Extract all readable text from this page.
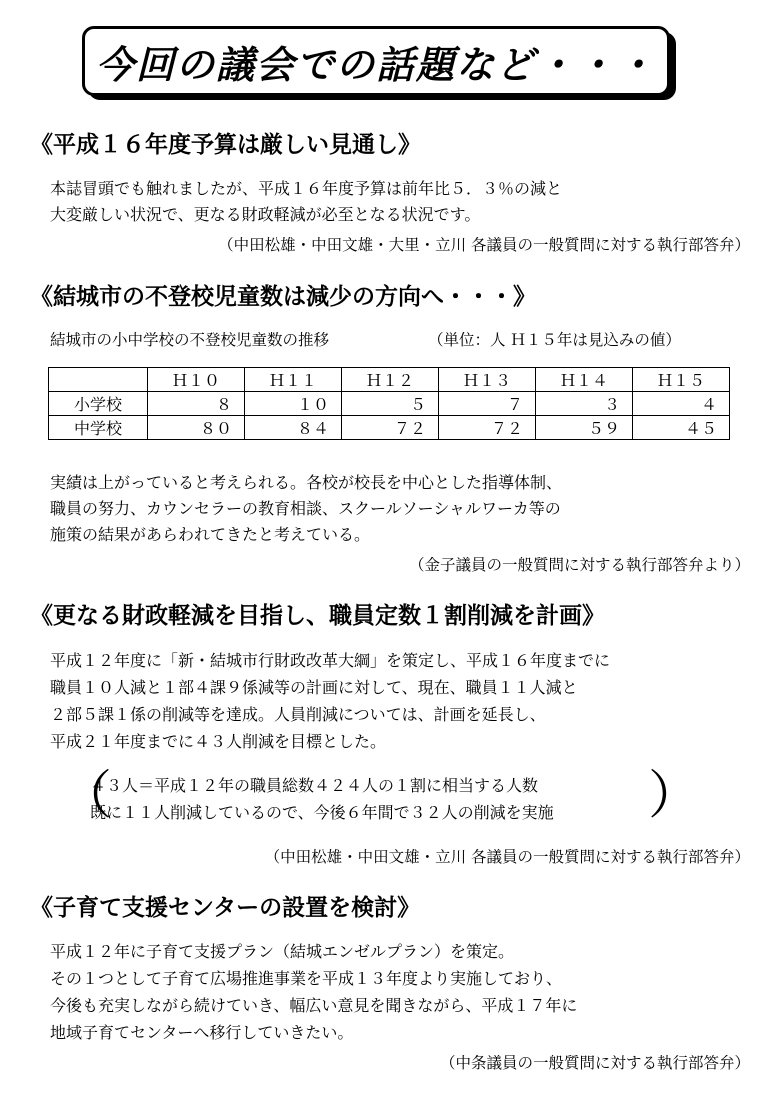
今回の議会での話題など・・・
《平成１６年度予算は厳しい見通し》
本誌冒頭でも触れましたが、平成１６年度予算は前年比５．３％の減と
大変厳しい状況で、更なる財政軽減が必至となる状況です。
（中田松雄・中田文雄・大里・立川 各議員の一般質問に対する執行部答弁）
《結城市の不登校児童数は減少の方向へ・・・》
結城市の小中学校の不登校児童数の推移	（単位：人 Ｈ１５年は見込みの値）
	Ｈ１０	Ｈ１１	Ｈ１２	Ｈ１３	Ｈ１４	Ｈ１５
小学校	８	１０	５	７	３	４
中学校	８０	８４	７２	７２	５９	４５
実績は上がっていると考えられる。各校が校長を中心とした指導体制、
職員の努力、カウンセラーの教育相談、スクールソーシャルワーカ等の
施策の結果があらわれてきたと考えている。
（金子議員の一般質問に対する執行部答弁より）
《更なる財政軽減を目指し、職員定数１割削減を計画》
平成１２年度に「新・結城市行財政改革大綱」を策定し、平成１６年度までに
職員１０人減と１部４課９係減等の計画に対して、現在、職員１１人減と
２部５課１係の削減等を達成。人員削減については、計画を延長し、
平成２１年度までに４３人削減を目標とした。
（
４３人＝平成１２年の職員総数４２４人の１割に相当する人数
既に１１人削減しているので、今後６年間で３２人の削減を実施 ）
（中田松雄・中田文雄・立川 各議員の一般質問に対する執行部答弁）
《子育て支援センターの設置を検討》
平成１２年に子育て支援プラン（結城エンゼルプラン）を策定。
その１つとして子育て広場推進事業を平成１３年度より実施しており、
今後も充実しながら続けていき、幅広い意見を聞きながら、平成１７年に
地域子育てセンターへ移行していきたい。
（中条議員の一般質問に対する執行部答弁）
